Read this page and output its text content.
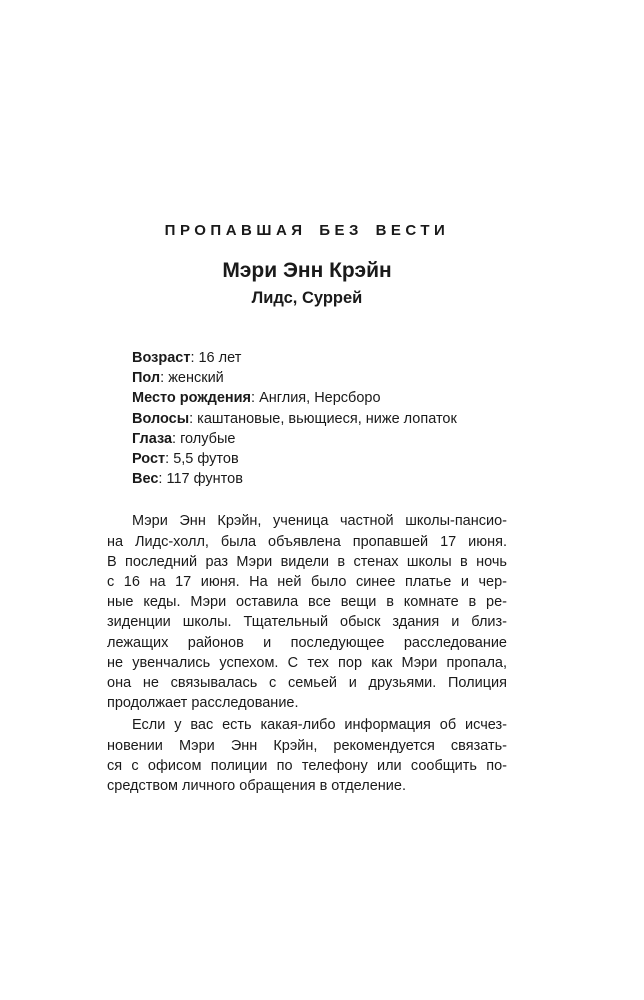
ПРОПАВШАЯ БЕЗ ВЕСТИ
Мэри Энн Крэйн
Лидс, Суррей
Возраст: 16 лет
Пол: женский
Место рождения: Англия, Нерсборо
Волосы: каштановые, вьющиеся, ниже лопаток
Глаза: голубые
Рост: 5,5 футов
Вес: 117 фунтов
Мэри Энн Крэйн, ученица частной школы-пансио-
на Лидс-холл, была объявлена пропавшей 17 июня.
В последний раз Мэри видели в стенах школы в ночь
с 16 на 17 июня. На ней было синее платье и чер-
ные кеды. Мэри оставила все вещи в комнате в ре-
зиденции школы. Тщательный обыск здания и близ-
лежащих районов и последующее расследование
не увенчались успехом. С тех пор как Мэри пропала,
она не связывалась с семьей и друзьями. Полиция
продолжает расследование.
Если у вас есть какая-либо информация об исчез-
новении Мэри Энн Крэйн, рекомендуется связать-
ся с офисом полиции по телефону или сообщить по-
средством личного обращения в отделение.
